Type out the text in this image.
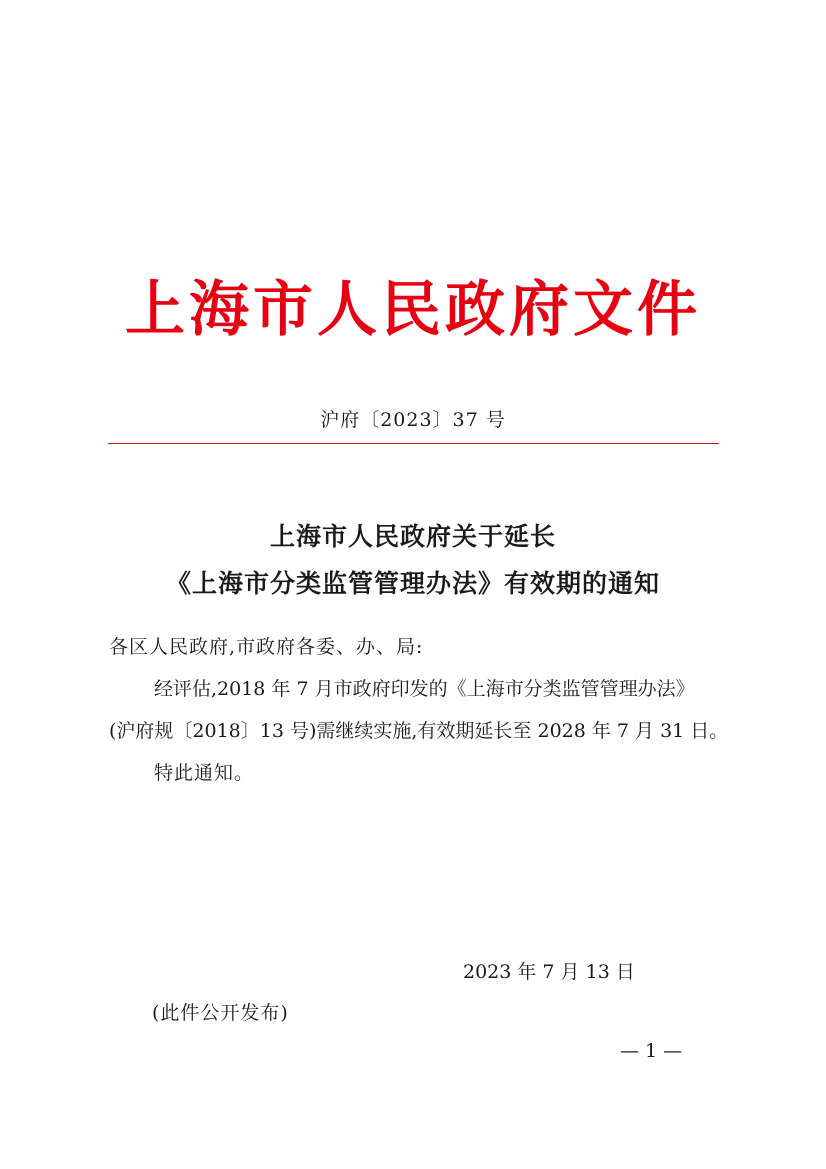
上海市人民政府文件
沪府〔2023〕37 号
上海市人民政府关于延长
《上海市分类监管管理办法》有效期的通知
各区人民政府,市政府各委、办、局:
经评估,2018 年 7 月市政府印发的《上海市分类监管管理办法》
(沪府规〔2018〕13 号)需继续实施,有效期延长至 2028 年 7 月 31 日。
特此通知。
2023 年 7 月 13 日
(此件公开发布)
— 1 —
